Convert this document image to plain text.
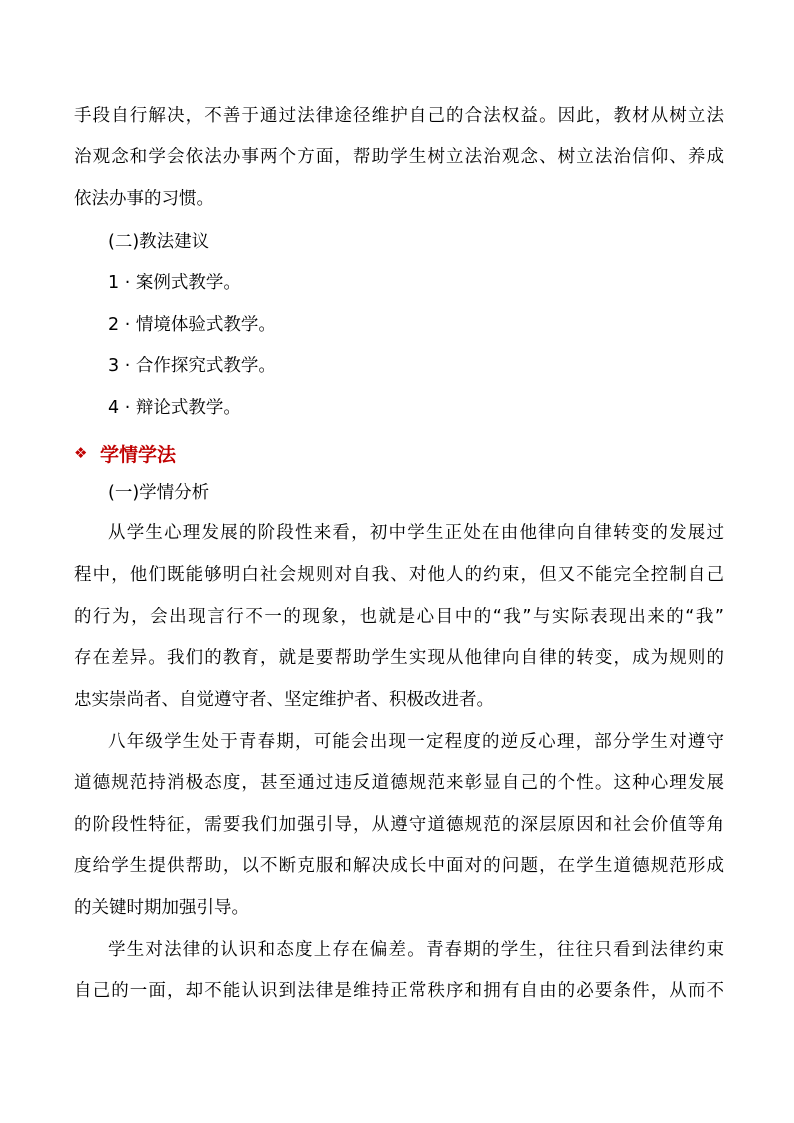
手段自行解决，不善于通过法律途径维护自己的合法权益。因此，教材从树立法
治观念和学会依法办事两个方面，帮助学生树立法治观念、树立法治信仰、养成
依法办事的习惯。
(二)教法建议
1 · 案例式教学。
2 · 情境体验式教学。
3 · 合作探究式教学。
4 · 辩论式教学。
❖ 学情学法
(一)学情分析
从学生心理发展的阶段性来看，初中学生正处在由他律向自律转变的发展过
程中，他们既能够明白社会规则对自我、对他人的约束，但又不能完全控制自己
的行为，会出现言行不一的现象，也就是心目中的“我”与实际表现出来的“我”
存在差异。我们的教育，就是要帮助学生实现从他律向自律的转变，成为规则的
忠实崇尚者、自觉遵守者、坚定维护者、积极改进者。
八年级学生处于青春期，可能会出现一定程度的逆反心理，部分学生对遵守
道德规范持消极态度，甚至通过违反道德规范来彰显自己的个性。这种心理发展
的阶段性特征，需要我们加强引导，从遵守道德规范的深层原因和社会价值等角
度给学生提供帮助，以不断克服和解决成长中面对的问题，在学生道德规范形成
的关键时期加强引导。
学生对法律的认识和态度上存在偏差。青春期的学生，往往只看到法律约束
自己的一面，却不能认识到法律是维持正常秩序和拥有自由的必要条件，从而不
